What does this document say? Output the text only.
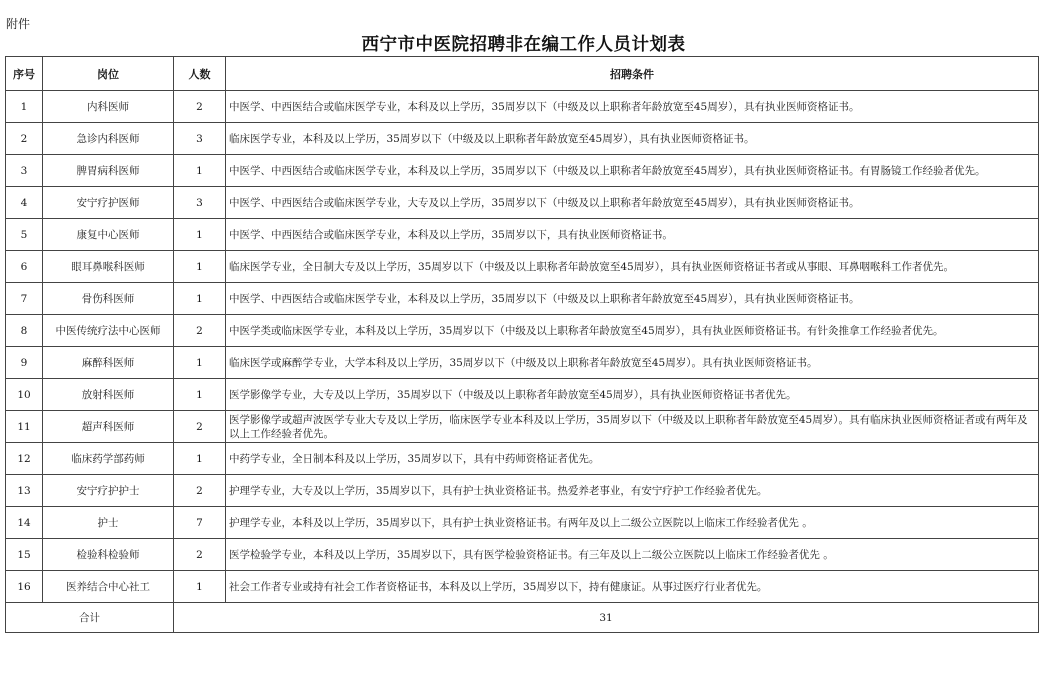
附件
西宁市中医院招聘非在编工作人员计划表
序号	岗位	人数	招聘条件
1	内科医师	2	中医学、中西医结合或临床医学专业，本科及以上学历，35周岁以下（中级及以上职称者年龄放宽至45周岁），具有执业医师资格证书。
2	急诊内科医师	3	临床医学专业，本科及以上学历，35周岁以下（中级及以上职称者年龄放宽至45周岁），具有执业医师资格证书。
3	脾胃病科医师	1	中医学、中西医结合或临床医学专业，本科及以上学历，35周岁以下（中级及以上职称者年龄放宽至45周岁），具有执业医师资格证书。有胃肠镜工作经验者优先。
4	安宁疗护医师	3	中医学、中西医结合或临床医学专业，大专及以上学历，35周岁以下（中级及以上职称者年龄放宽至45周岁），具有执业医师资格证书。
5	康复中心医师	1	中医学、中西医结合或临床医学专业，本科及以上学历，35周岁以下，具有执业医师资格证书。
6	眼耳鼻喉科医师	1	临床医学专业，全日制大专及以上学历，35周岁以下（中级及以上职称者年龄放宽至45周岁），具有执业医师资格证书者或从事眼、耳鼻咽喉科工作者优先。
7	骨伤科医师	1	中医学、中西医结合或临床医学专业，本科及以上学历，35周岁以下（中级及以上职称者年龄放宽至45周岁），具有执业医师资格证书。
8	中医传统疗法中心医师	2	中医学类或临床医学专业，本科及以上学历，35周岁以下（中级及以上职称者年龄放宽至45周岁），具有执业医师资格证书。有针灸推拿工作经验者优先。
9	麻醉科医师	1	临床医学或麻醉学专业，大学本科及以上学历，35周岁以下（中级及以上职称者年龄放宽至45周岁）。具有执业医师资格证书。
10	放射科医师	1	医学影像学专业，大专及以上学历，35周岁以下（中级及以上职称者年龄放宽至45周岁），具有执业医师资格证书者优先。
11	超声科医师	2	医学影像学或超声波医学专业大专及以上学历，临床医学专业本科及以上学历，35周岁以下（中级及以上职称者年龄放宽至45周岁）。具有临床执业医师资格证者或有两年及以上工作经验者优先。
12	临床药学部药师	1	中药学专业，全日制本科及以上学历，35周岁以下，具有中药师资格证者优先。
13	安宁疗护护士	2	护理学专业，大专及以上学历，35周岁以下，具有护士执业资格证书。热爱养老事业，有安宁疗护工作经验者优先。
14	护士	7	护理学专业，本科及以上学历，35周岁以下，具有护士执业资格证书。有两年及以上二级公立医院以上临床工作经验者优先 。
15	检验科检验师	2	医学检验学专业，本科及以上学历，35周岁以下，具有医学检验资格证书。有三年及以上二级公立医院以上临床工作经验者优先 。
16	医养结合中心社工	1	社会工作者专业或持有社会工作者资格证书，本科及以上学历，35周岁以下，持有健康证。从事过医疗行业者优先。
合计		31	
